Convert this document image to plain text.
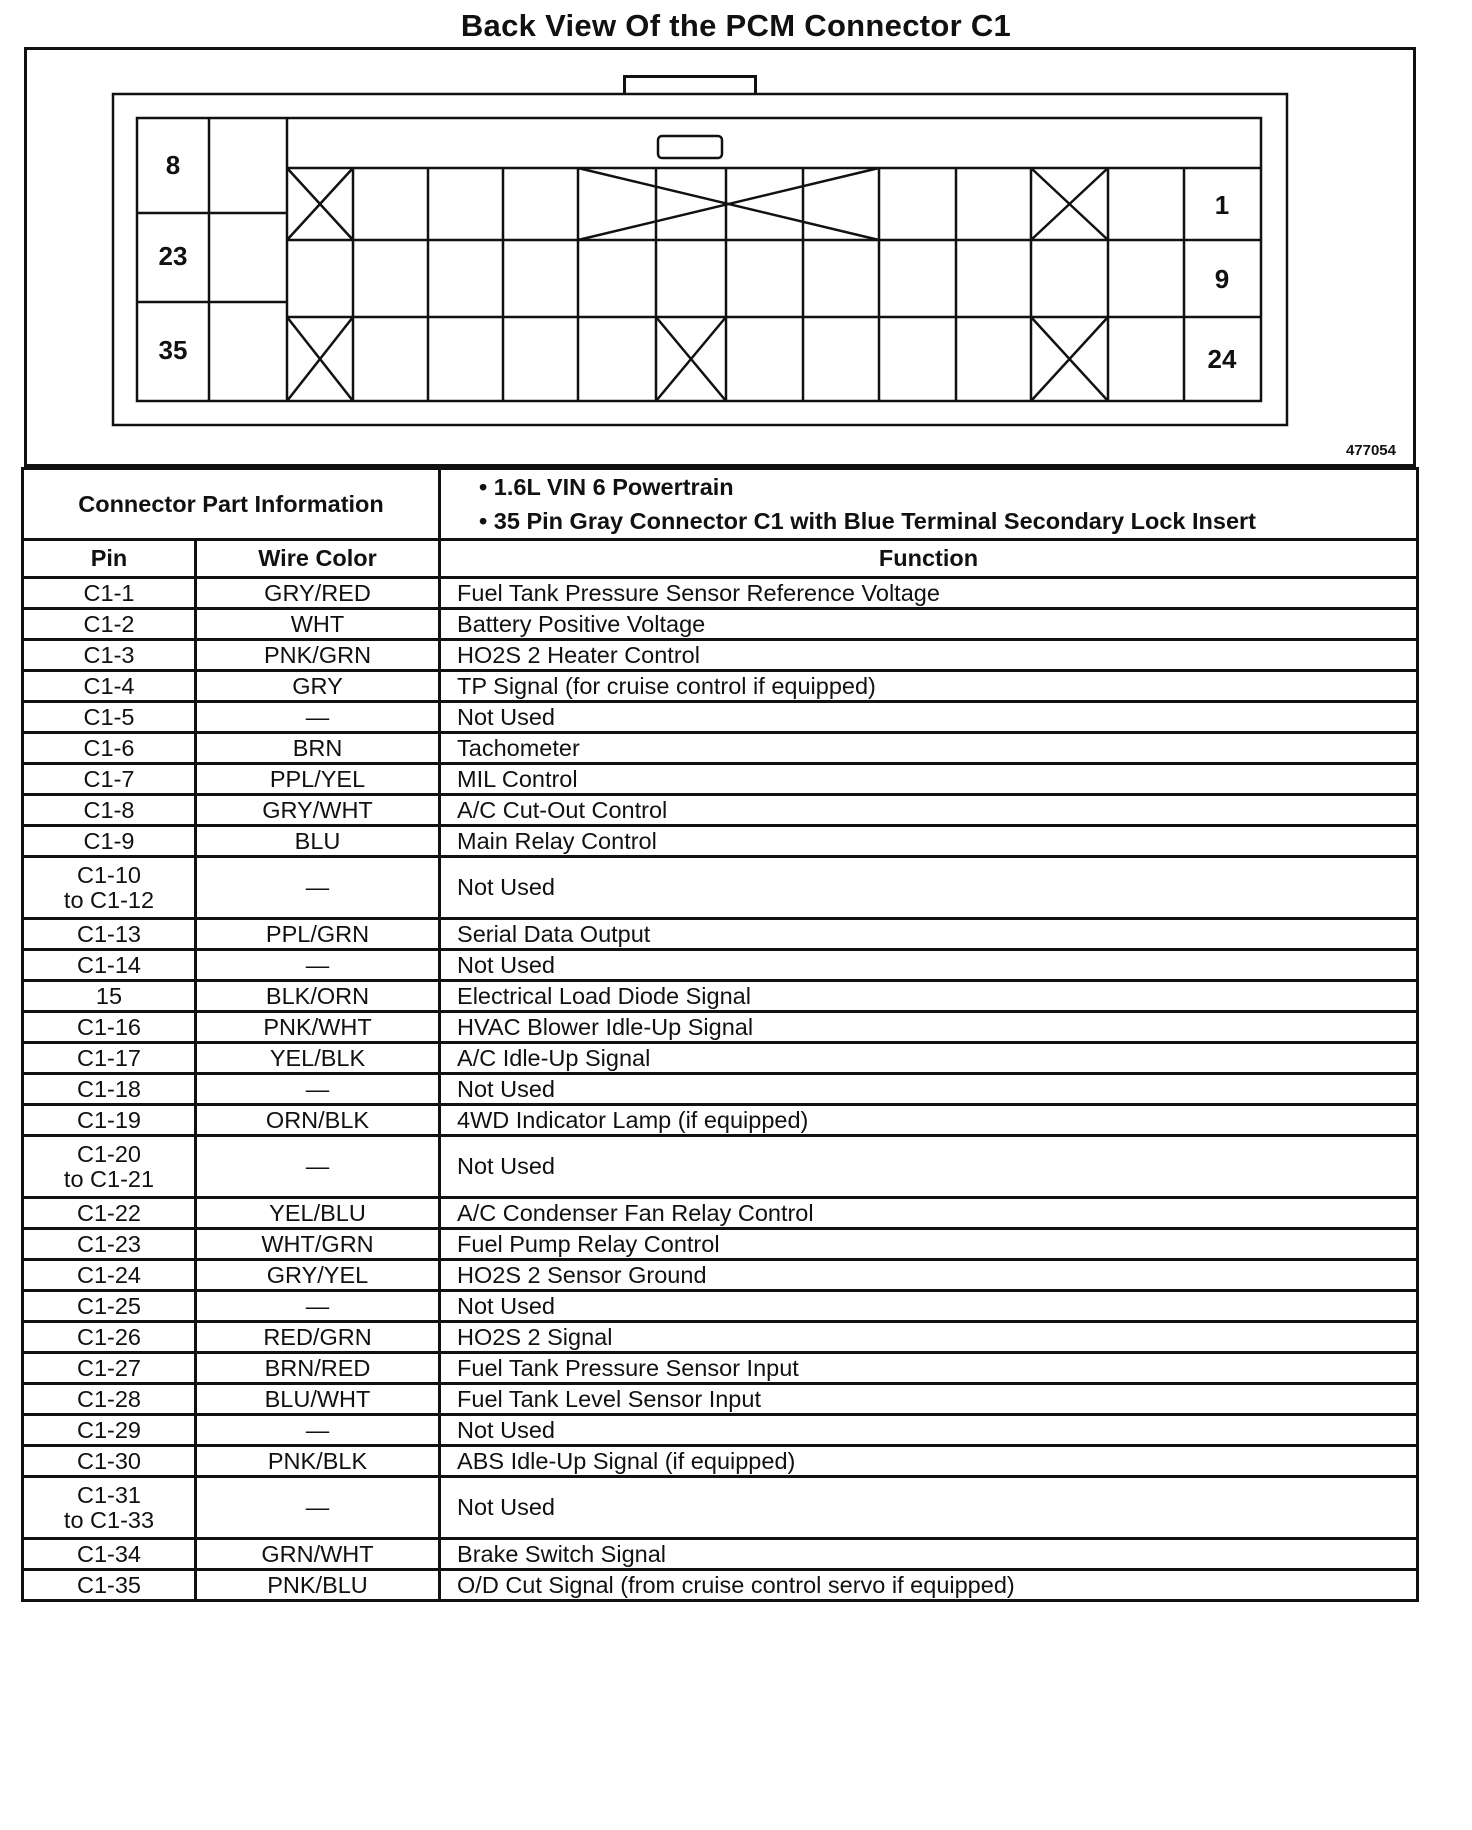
Back View Of the PCM Connector C1
8
23
35
1
9
24
477054
Connector Part Information		• 1.6L VIN 6 Powertrain
• 35 Pin Gray Connector C1 with Blue Terminal Secondary Lock Insert

Pin	Wire Color	Function

C1-1	GRY/RED	Fuel Tank Pressure Sensor Reference Voltage

C1-2	WHT	Battery Positive Voltage

C1-3	PNK/GRN	HO2S 2 Heater Control

C1-4	GRY	TP Signal (for cruise control if equipped)

C1-5	—	Not Used

C1-6	BRN	Tachometer

C1-7	PPL/YEL	MIL Control

C1-8	GRY/WHT	A/C Cut-Out Control

C1-9	BLU	Main Relay Control

C1-10
to C1-12	—	Not Used

C1-13	PPL/GRN	Serial Data Output

C1-14	—	Not Used

15	BLK/ORN	Electrical Load Diode Signal

C1-16	PNK/WHT	HVAC Blower Idle-Up Signal

C1-17	YEL/BLK	A/C Idle-Up Signal

C1-18	—	Not Used

C1-19	ORN/BLK	4WD Indicator Lamp (if equipped)

C1-20
to C1-21	—	Not Used

C1-22	YEL/BLU	A/C Condenser Fan Relay Control

C1-23	WHT/GRN	Fuel Pump Relay Control

C1-24	GRY/YEL	HO2S 2 Sensor Ground

C1-25	—	Not Used

C1-26	RED/GRN	HO2S 2 Signal

C1-27	BRN/RED	Fuel Tank Pressure Sensor Input

C1-28	BLU/WHT	Fuel Tank Level Sensor Input

C1-29	—	Not Used

C1-30	PNK/BLK	ABS Idle-Up Signal (if equipped)

C1-31
to C1-33	—	Not Used

C1-34	GRN/WHT	Brake Switch Signal

C1-35	PNK/BLU	O/D Cut Signal (from cruise control servo if equipped)
